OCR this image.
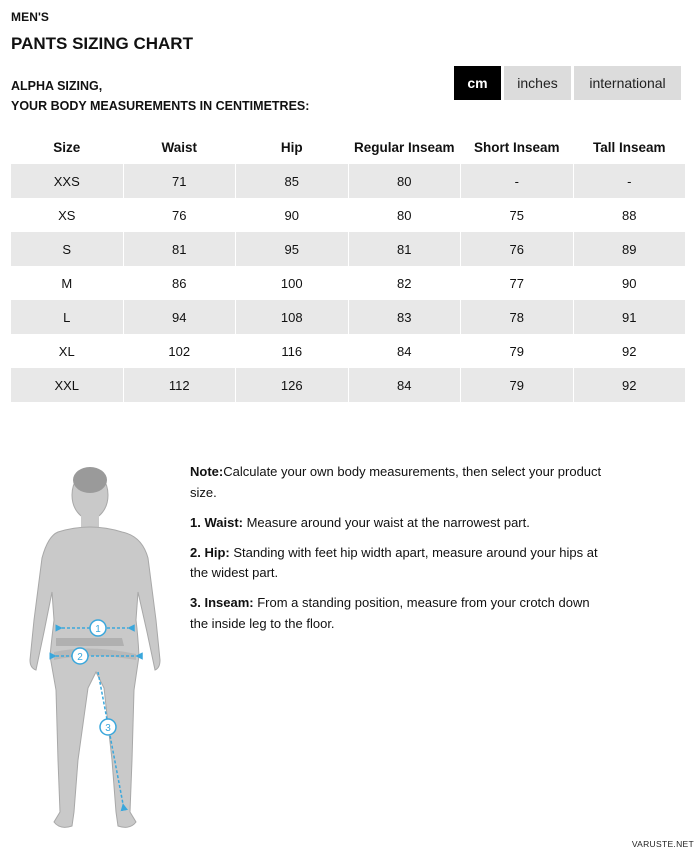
MEN'S
PANTS SIZING CHART
ALPHA SIZING,
YOUR BODY MEASUREMENTS IN CENTIMETRES:
cm	inches	international
Size	Waist	Hip	Regular Inseam	Short Inseam	Tall Inseam
XXS	71	85	80	-	-
XS	76	90	80	75	88
S	81	95	81	76	89
M	86	100	82	77	90
L	94	108	83	78	91
XL	102	116	84	79	92
XXL	112	126	84	79	92
1
2
3

Note:Calculate your own body measurements, then select your product size.

1. Waist: Measure around your waist at the narrowest part.

2. Hip: Standing with feet hip width apart, measure around your hips at the widest part.

3. Inseam: From a standing position, measure from your crotch down the inside leg to the floor.

VARUSTE.NET
